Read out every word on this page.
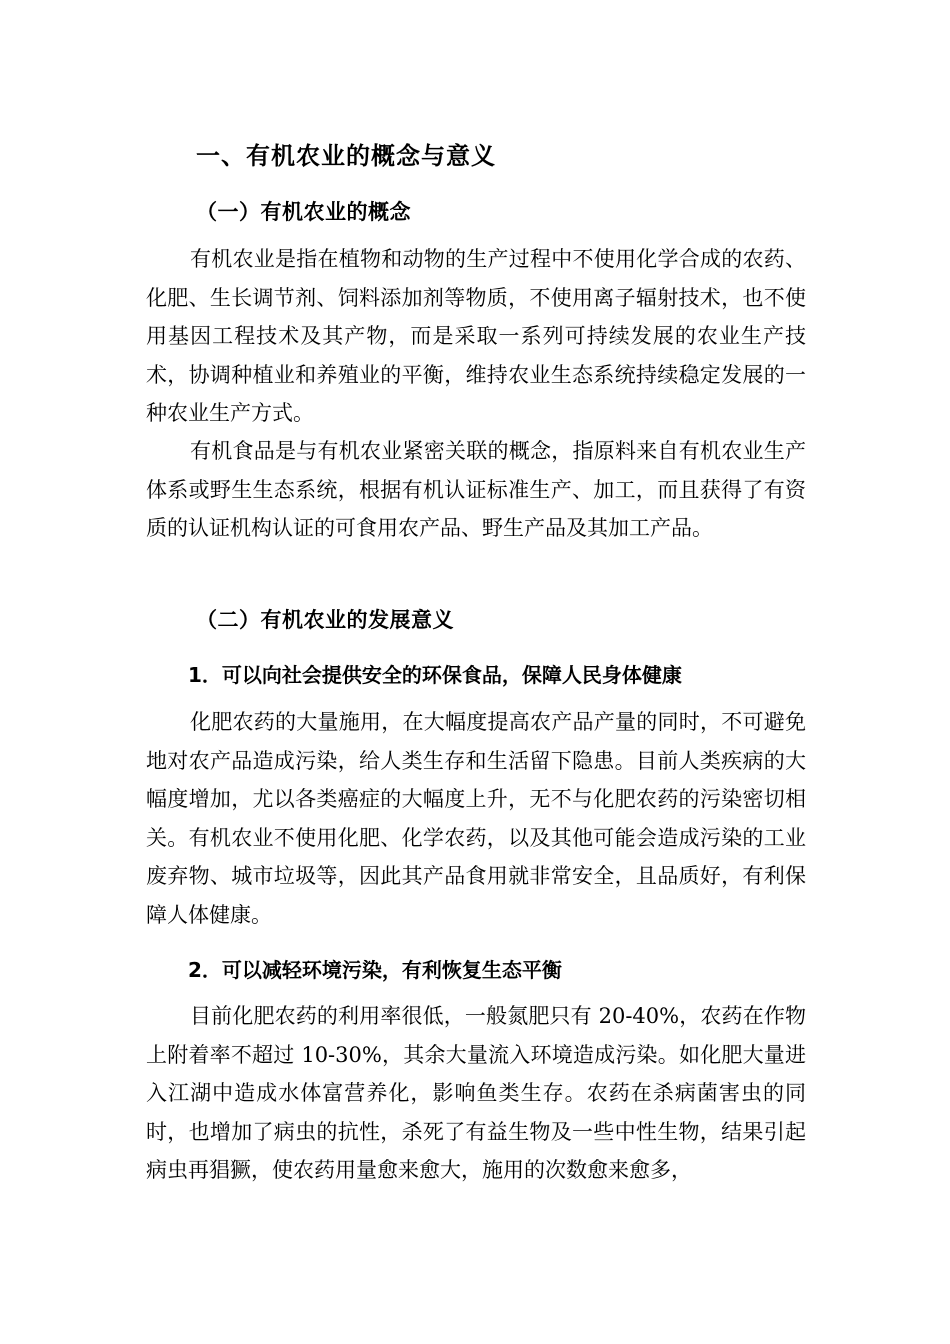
一、有机农业的概念与意义
（一）有机农业的概念

有机农业是指在植物和动物的生产过程中不使用化学合成的农药、化肥、生长调节剂、饲料添加剂等物质，不使用离子辐射技术，也不使用基因工程技术及其产物，而是采取一系列可持续发展的农业生产技术，协调种植业和养殖业的平衡，维持农业生态系统持续稳定发展的一种农业生产方式。

有机食品是与有机农业紧密关联的概念，指原料来自有机农业生产体系或野生生态系统，根据有机认证标准生产、加工，而且获得了有资质的认证机构认证的可食用农产品、野生产品及其加工产品。

（二）有机农业的发展意义
1．可以向社会提供安全的环保食品，保障人民身体健康

化肥农药的大量施用，在大幅度提高农产品产量的同时，不可避免地对农产品造成污染，给人类生存和生活留下隐患。目前人类疾病的大幅度增加，尤以各类癌症的大幅度上升，无不与化肥农药的污染密切相关。有机农业不使用化肥、化学农药，以及其他可能会造成污染的工业废弃物、城市垃圾等，因此其产品食用就非常安全，且品质好，有利保障人体健康。

2．可以减轻环境污染，有利恢复生态平衡

目前化肥农药的利用率很低，一般氮肥只有 20-40%，农药在作物上附着率不超过 10-30%，其余大量流入环境造成污染。如化肥大量进入江湖中造成水体富营养化，影响鱼类生存。农药在杀病菌害虫的同时，也增加了病虫的抗性，杀死了有益生物及一些中性生物，结果引起病虫再猖獗，使农药用量愈来愈大，施用的次数愈来愈多，
